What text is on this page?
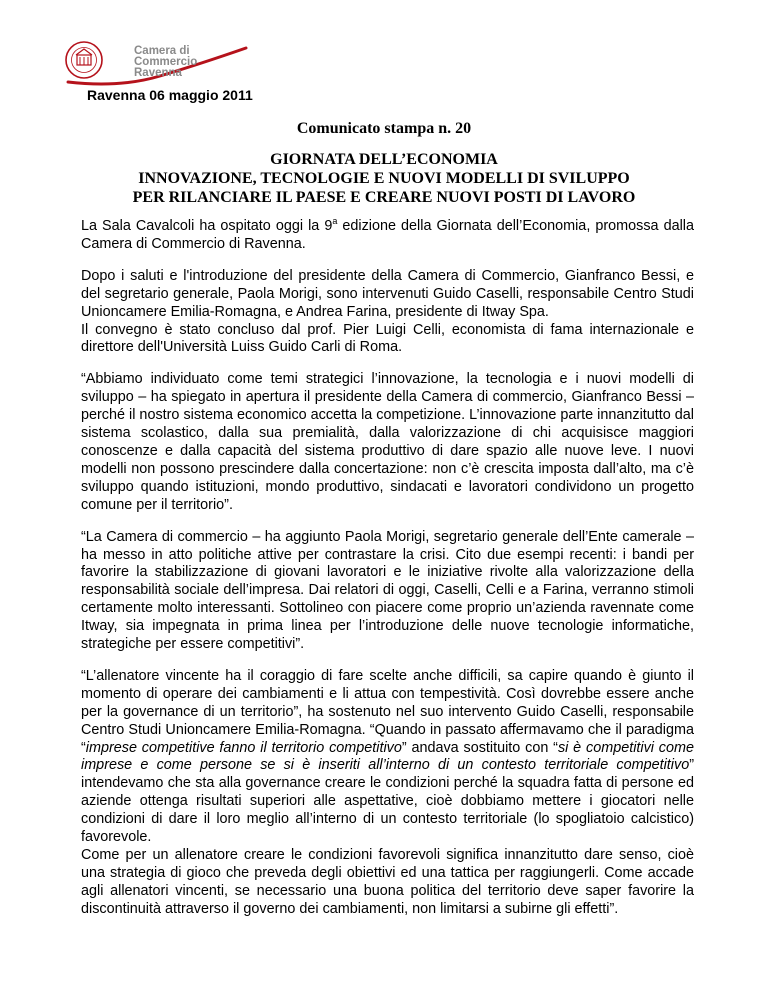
Camera di Commercio
Ravenna
Ravenna 06 maggio 2011
Comunicato stampa n. 20
GIORNATA DELL’ECONOMIA
INNOVAZIONE, TECNOLOGIE E NUOVI MODELLI DI SVILUPPO
PER RILANCIARE IL PAESE E CREARE NUOVI POSTI DI LAVORO

La Sala Cavalcoli ha ospitato oggi la 9$^a$ edizione della Giornata dell’Economia, promossa dalla Camera di Commercio di Ravenna.

Dopo i saluti e l'introduzione del presidente della Camera di Commercio, Gianfranco Bessi, e del segretario generale, Paola Morigi, sono intervenuti Guido Caselli, responsabile Centro Studi Unioncamere Emilia-Romagna, e Andrea Farina, presidente di Itway Spa.

Il convegno è stato concluso dal prof. Pier Luigi Celli, economista di fama internazionale e direttore dell'Università Luiss Guido Carli di Roma.

“Abbiamo individuato come temi strategici l’innovazione, la tecnologia e i nuovi modelli di sviluppo – ha spiegato in apertura il presidente della Camera di commercio, Gianfranco Bessi – perché il nostro sistema economico accetta la competizione. L’innovazione parte innanzitutto dal sistema scolastico, dalla sua premialità, dalla valorizzazione di chi acquisisce maggiori conoscenze e dalla capacità del sistema produttivo di dare spazio alle nuove leve. I nuovi modelli non possono prescindere dalla concertazione: non c’è crescita imposta dall’alto, ma c’è sviluppo quando istituzioni, mondo produttivo, sindacati e lavoratori condividono un progetto comune per il territorio”.

“La Camera di commercio – ha aggiunto Paola Morigi, segretario generale dell’Ente camerale – ha messo in atto politiche attive per contrastare la crisi. Cito due esempi recenti: i bandi per favorire la stabilizzazione di giovani lavoratori e le iniziative rivolte alla valorizzazione della responsabilità sociale dell’impresa. Dai relatori di oggi, Caselli, Celli e a Farina, verranno stimoli certamente molto interessanti. Sottolineo con piacere come proprio un’azienda ravennate come Itway, sia impegnata in prima linea per l’introduzione delle nuove tecnologie informatiche, strategiche per essere competitivi”.

“L’allenatore vincente ha il coraggio di fare scelte anche difficili, sa capire quando è giunto il momento di operare dei cambiamenti e li attua con tempestività. Così dovrebbe essere anche per la governance di un territorio”, ha sostenuto nel suo intervento Guido Caselli, responsabile Centro Studi Unioncamere Emilia-Romagna. “Quando in passato affermavamo che il paradigma “imprese competitive fanno il territorio competitivo” andava sostituito con “si è competitivi come imprese e come persone se si è inseriti all’interno di un contesto territoriale competitivo” intendevamo che sta alla governance creare le condizioni perché la squadra fatta di persone ed aziende ottenga risultati superiori alle aspettative, cioè dobbiamo mettere i giocatori nelle condizioni di dare il loro meglio all’interno di un contesto territoriale (lo spogliatoio calcistico) favorevole.

Come per un allenatore creare le condizioni favorevoli significa innanzitutto dare senso, cioè una strategia di gioco che preveda degli obiettivi ed una tattica per raggiungerli. Come accade agli allenatori vincenti, se necessario una buona politica del territorio deve saper favorire la discontinuità attraverso il governo dei cambiamenti, non limitarsi a subirne gli effetti”.
